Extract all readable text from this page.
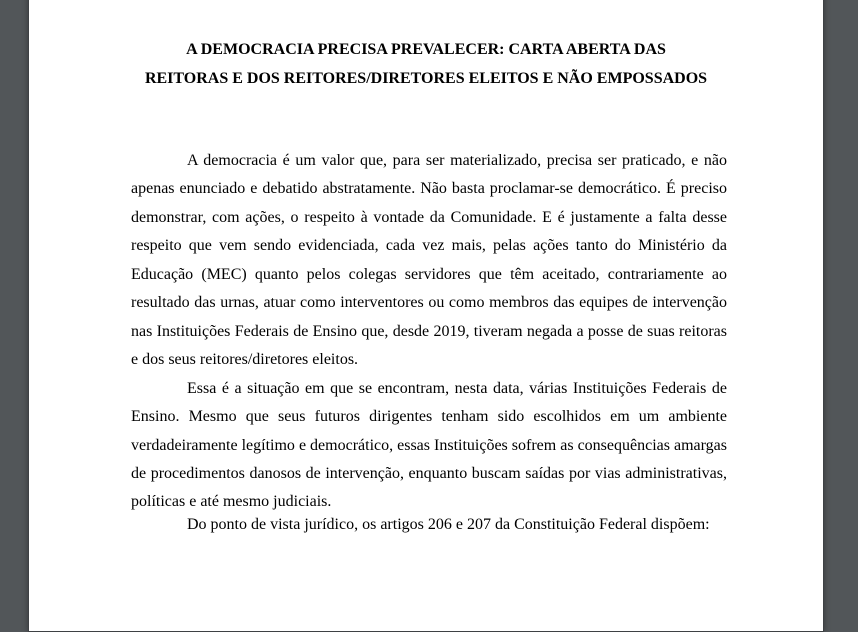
A DEMOCRACIA PRECISA PREVALECER: CARTA ABERTA DAS
REITORAS E DOS REITORES/DIRETORES ELEITOS E NÃO EMPOSSADOS

A democracia é um valor que, para ser materializado, precisa ser praticado, e não apenas enunciado e debatido abstratamente. Não basta proclamar-se democrático. É preciso demonstrar, com ações, o respeito à vontade da Comunidade. E é justamente a falta desse respeito que vem sendo evidenciada, cada vez mais, pelas ações tanto do Ministério da Educação (MEC) quanto pelos colegas servidores que têm aceitado, contrariamente ao resultado das urnas, atuar como interventores ou como membros das equipes de intervenção nas Instituições Federais de Ensino que, desde 2019, tiveram negada a posse de suas reitoras e dos seus reitores/diretores eleitos.

Essa é a situação em que se encontram, nesta data, várias Instituições Federais de Ensino. Mesmo que seus futuros dirigentes tenham sido escolhidos em um ambiente verdadeiramente legítimo e democrático, essas Instituições sofrem as consequências amargas de procedimentos danosos de intervenção, enquanto buscam saídas por vias administrativas, políticas e até mesmo judiciais.

Do ponto de vista jurídico, os artigos 206 e 207 da Constituição Federal dispõem:
